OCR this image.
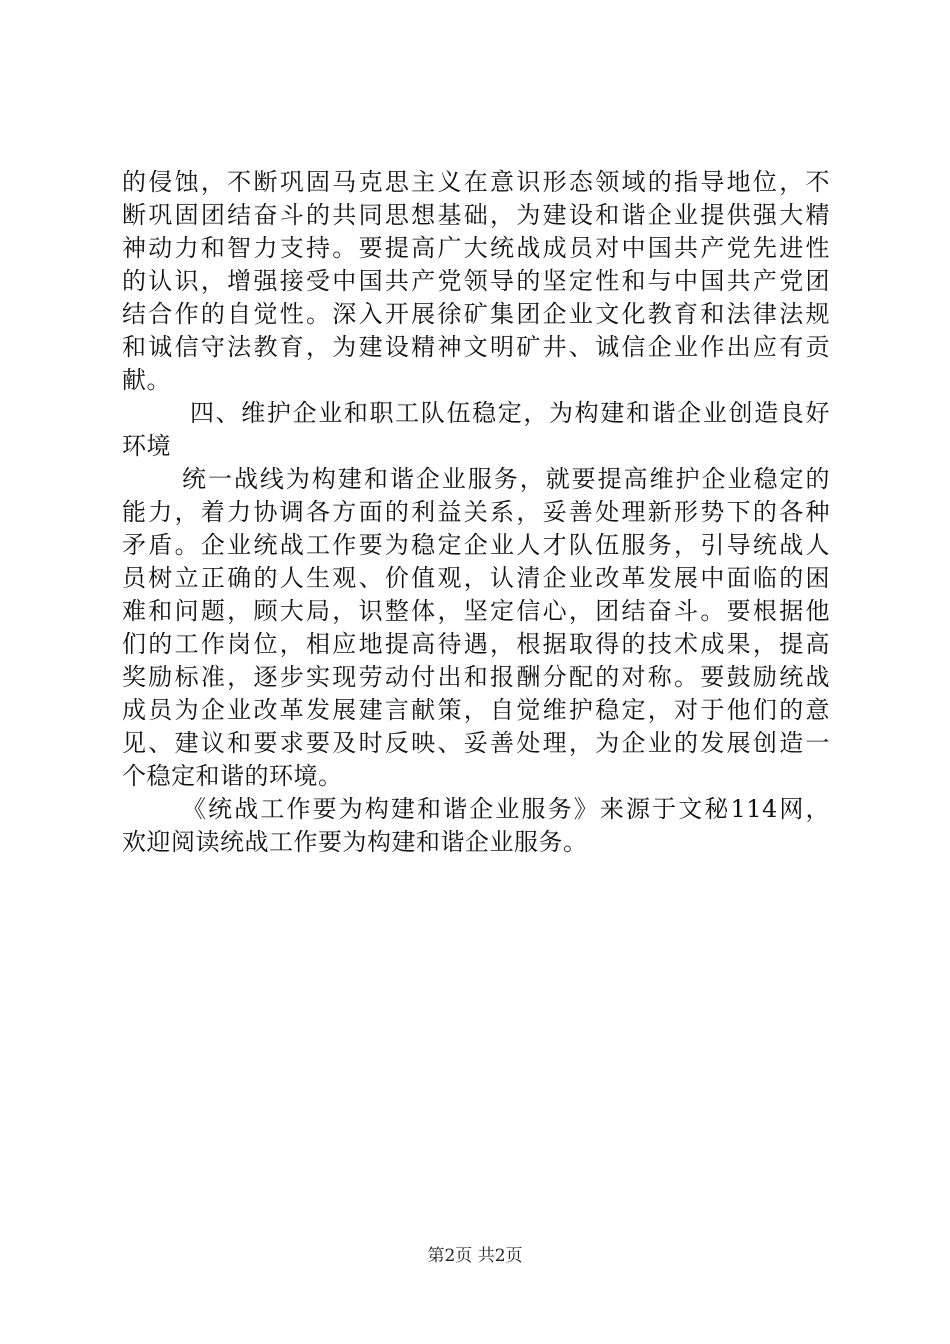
的侵蚀，不断巩固马克思主义在意识形态领域的指导地位，不
断巩固团结奋斗的共同思想基础，为建设和谐企业提供强大精
神动力和智力支持。要提高广大统战成员对中国共产党先进性
的认识，增强接受中国共产党领导的坚定性和与中国共产党团
结合作的自觉性。深入开展徐矿集团企业文化教育和法律法规
和诚信守法教育，为建设精神文明矿井、诚信企业作出应有贡
献。
四、维护企业和职工队伍稳定，为构建和谐企业创造良好
环境
统一战线为构建和谐企业服务，就要提高维护企业稳定的
能力，着力协调各方面的利益关系，妥善处理新形势下的各种
矛盾。企业统战工作要为稳定企业人才队伍服务，引导统战人
员树立正确的人生观、价值观，认清企业改革发展中面临的困
难和问题，顾大局，识整体，坚定信心，团结奋斗。要根据他
们的工作岗位，相应地提高待遇，根据取得的技术成果，提高
奖励标准，逐步实现劳动付出和报酬分配的对称。要鼓励统战
成员为企业改革发展建言献策，自觉维护稳定，对于他们的意
见、建议和要求要及时反映、妥善处理，为企业的发展创造一
个稳定和谐的环境。
《统战工作要为构建和谐企业服务》来源于文秘114网，
欢迎阅读统战工作要为构建和谐企业服务。
第2页 共2页
